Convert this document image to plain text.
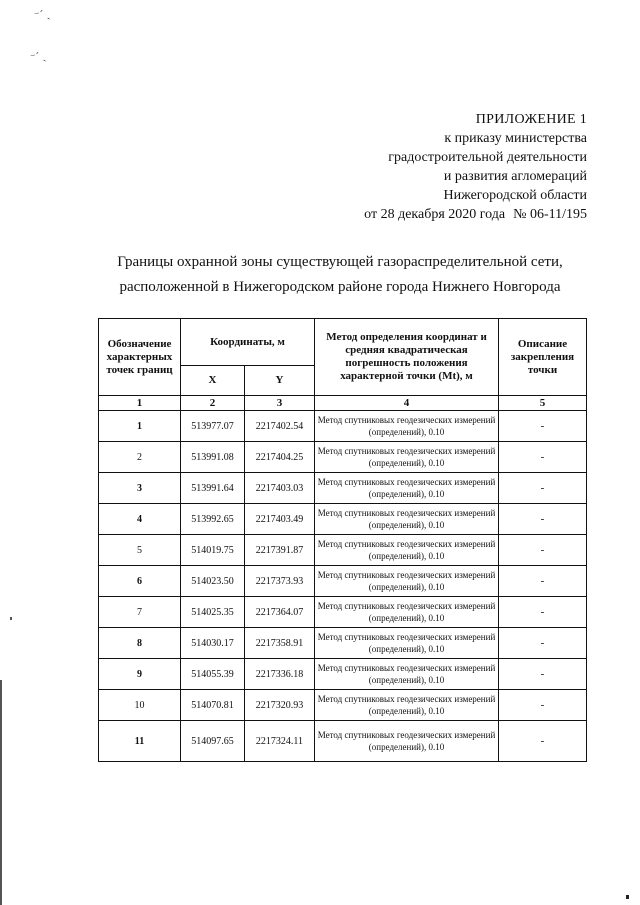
⁻ˊ ˎ
⁻ˊ ˎ
ПРИЛОЖЕНИЕ 1
к приказу министерства
градостроительной деятельности
и развития агломераций
Нижегородской области
от 28 декабря 2020 года № 06-11/195
Границы охранной зоны существующей газораспределительной сети,
расположенной в Нижегородском районе города Нижнего Новгорода
Обозначение характерных точек границ	Координаты, м		Метод определения координат и средняя квадратическая погрешность положения характерной точки (Mt), м	Описание закрепления точки
	X	Y		
1	2	3	4	5
1	513977.07	2217402.54	Метод спутниковых геодезических измерений (определений), 0.10	-
2	513991.08	2217404.25	Метод спутниковых геодезических измерений (определений), 0.10	-
3	513991.64	2217403.03	Метод спутниковых геодезических измерений (определений), 0.10	-
4	513992.65	2217403.49	Метод спутниковых геодезических измерений (определений), 0.10	-
5	514019.75	2217391.87	Метод спутниковых геодезических измерений (определений), 0.10	-
6	514023.50	2217373.93	Метод спутниковых геодезических измерений (определений), 0.10	-
7	514025.35	2217364.07	Метод спутниковых геодезических измерений (определений), 0.10	-
8	514030.17	2217358.91	Метод спутниковых геодезических измерений (определений), 0.10	-
9	514055.39	2217336.18	Метод спутниковых геодезических измерений (определений), 0.10	-
10	514070.81	2217320.93	Метод спутниковых геодезических измерений (определений), 0.10	-
11	514097.65	2217324.11	Метод спутниковых геодезических измерений (определений), 0.10	-
